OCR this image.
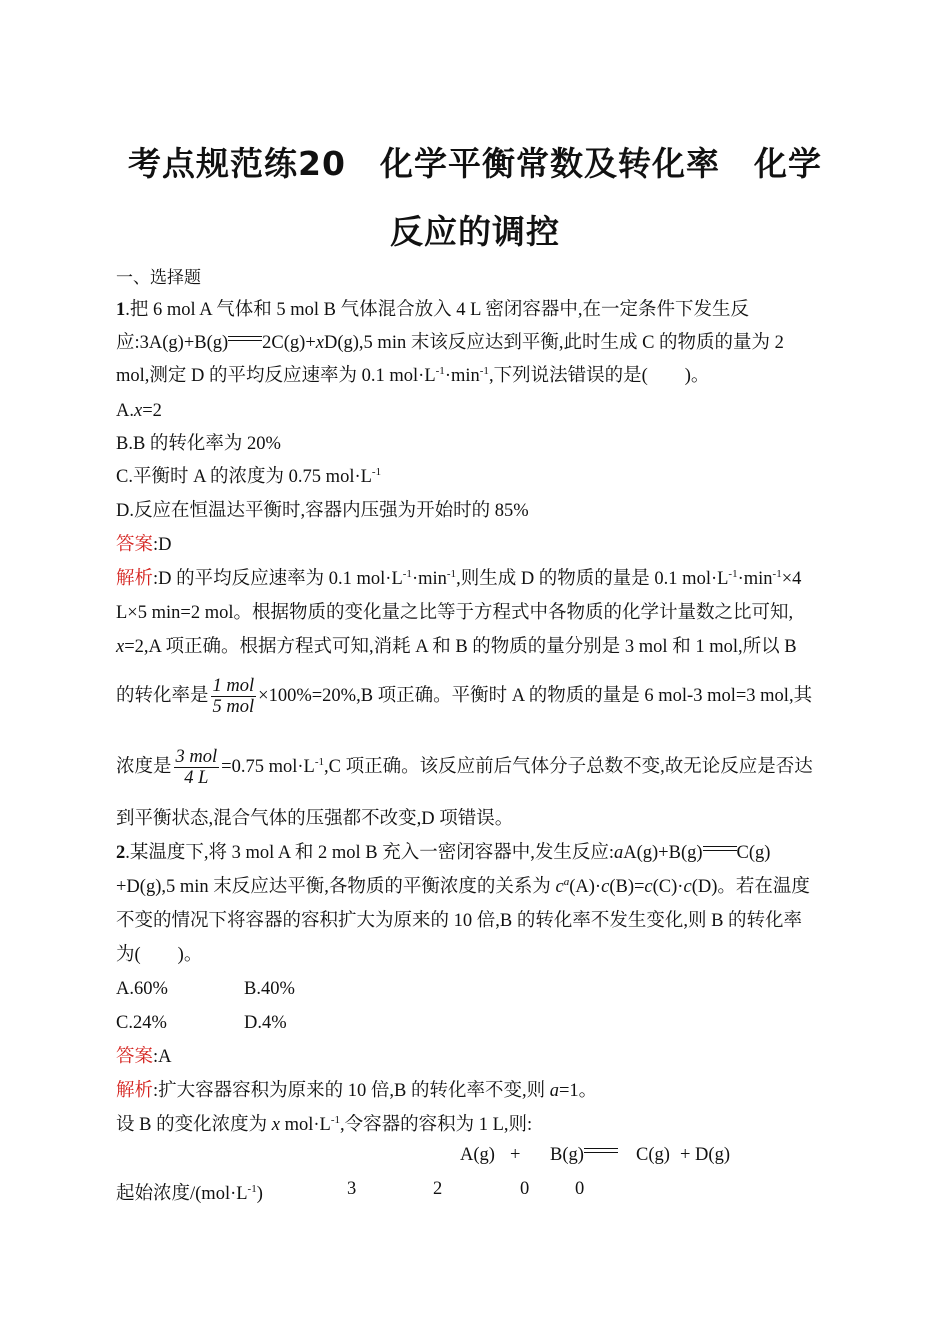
考点规范练20　化学平衡常数及转化率　化学
反应的调控
一、选择题
1.把 6 mol A 气体和 5 mol B 气体混合放入 4 L 密闭容器中,在一定条件下发生反
应:3A(g)+B(g) 2C(g)+xD(g),5 min 末该反应达到平衡,此时生成 C 的物质的量为 2
mol,测定 D 的平均反应速率为 0.1 $mol\cdot L^{-1}\cdot\min^{-1}$,下列说法错误的是(　　)。
A.x=2
B.B 的转化率为 20%
C.平衡时 A 的浓度为 0.75 $mol\cdot L^{-1}$
D.反应在恒温达平衡时,容器内压强为开始时的 85%
答案:D
解析:D 的平均反应速率为 0.1 $mol\cdot L^{-1}\cdot\min^{-1}$,则生成 D 的物质的量是 0.1 $mol\cdot L^{-1}\cdot\min^{-1}\times 4$
L×5 min=2 mol。根据物质的变化量之比等于方程式中各物质的化学计量数之比可知,
x=2,A 项正确。根据方程式可知,消耗 A 和 B 的物质的量分别是 3 mol 和 1 mol,所以 B
的转化率是 $\frac{\text{1 mol}}{\text{5 mol}} \times 100\%=20\%,B$ 项正确。平衡时 A 的物质的量是 6 mol-3 mol=3 mol,其
浓度是 $\frac{\text{3 mol}}{4 L} =0.75$ $mol\cdot L^{-1},C$ 项正确。该反应前后气体分子总数不变,故无论反应是否达
到平衡状态,混合气体的压强都不改变,D 项错误。
2.某温度下,将 3 mol A 和 2 mol B 充入一密闭容器中,发生反应:aA(g)+B(g) C(g)
+D(g),5 min 末反应达平衡,各物质的平衡浓度的关系为 $c^a(A)\cdot c(B)=c(C)\cdot c(D)$。若在温度
不变的情况下将容器的容积扩大为原来的 10 倍,B 的转化率不发生变化,则 B 的转化率
为(　　)。
A.60%	B.40%
C.24%	D.4%
答案:A
解析:扩大容器容积为原来的 10 倍,B 的转化率不变,则 a=1。
设 B 的变化浓度为 x $mol\cdot L^{-1}$,令容器的容积为 1 L,则:
A(g) + B(g)	C(g) + D(g)
起始浓度$/(mol\cdot L^{-1})$	3	2	0 0
